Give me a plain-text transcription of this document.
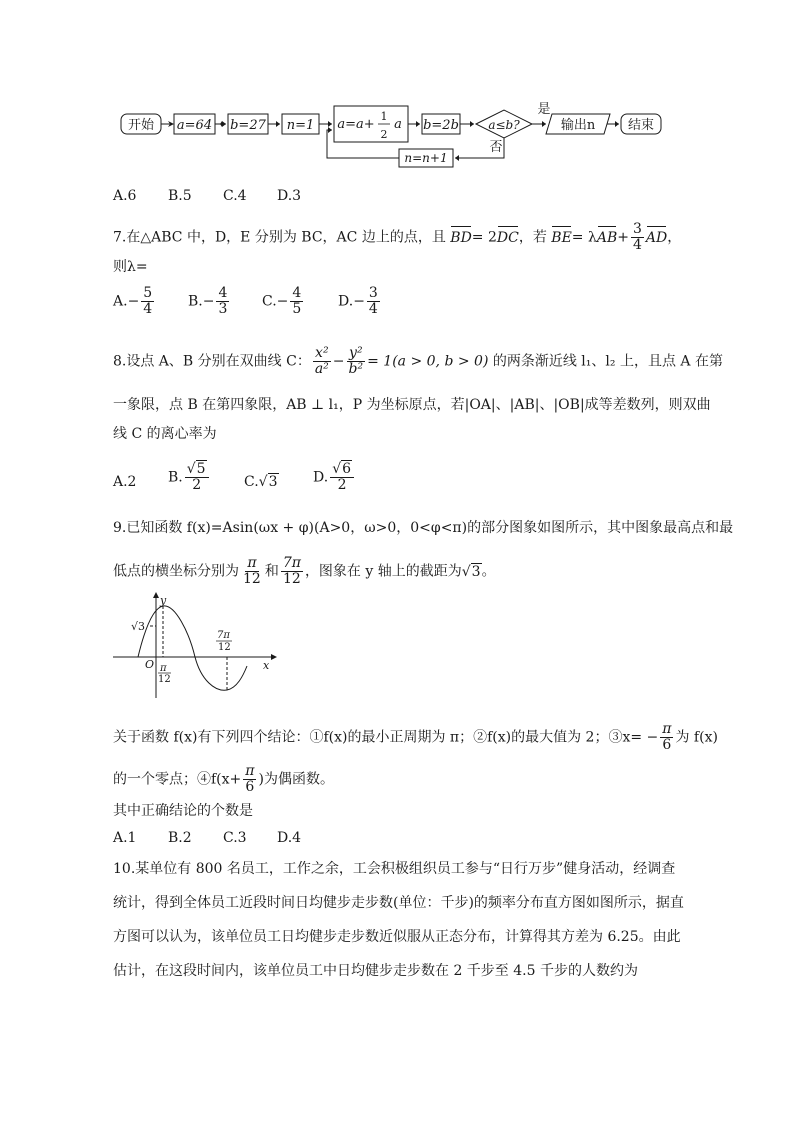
开始 a=64 b=27 n=1 a=a+
1
2
a b=2b a≤b?
是
否
输出n	结束
n=n+1
A.6 B.5 C.4 D.3
7.在△ABC 中，D，E 分别为 BC，AC 边上的点，且 BD= 2DC，若 $BE= \lambda AB+ \frac{3}{4}$ AD，
则λ=
$A.- \frac{5}{4} B.- \frac{4}{3} C.- \frac{4}{5} D.- \frac{3}{4}$
8.设点 A、B 分别在双曲线 C： $\frac{\text{x²}}{\text{a²}} - \frac{\text{y²}}{\text{b²}} = 1(a > 0$, b > 0) 的两条渐近线 l₁、l₂ 上，且点 A 在第
一象限，点 B 在第四象限，AB ⊥ l₁，P 为坐标原点，若|OA|、|AB|、|OB|成等差数列，则双曲
线 C 的离心率为
A.2 B. $\frac{√5}{2}$	C.√3	D. $\frac{√6}{2}$
9.已知函数 f(x)=Asin(ωx + φ)(A>0，ω>0，0<φ<π)的部分图象如图所示，其中图象最高点和最
低点的横坐标分别为 $\frac{\pi}{12}$ 和 $\frac{7\pi}{12}$ ，图象在 y 轴上的截距为√3。
y
x
O
√3
π
12
7π
12
关于函数 f(x)有下列四个结论：①f(x)的最小正周期为 π；②f(x)的最大值为 2；③x= − $\frac{\pi}{6}$ 为 f(x)
的一个零点；④f(x+ $\frac{\pi}{6}$ )为偶函数。
其中正确结论的个数是
A.1 B.2 C.3 D.4
10.某单位有 800 名员工，工作之余，工会积极组织员工参与“日行万步”健身活动，经调查
统计，得到全体员工近段时间日均健步走步数(单位：千步)的频率分布直方图如图所示，据直
方图可以认为，该单位员工日均健步走步数近似服从正态分布，计算得其方差为 6.25。由此
估计，在这段时间内，该单位员工中日均健步走步数在 2 千步至 4.5 千步的人数约为
